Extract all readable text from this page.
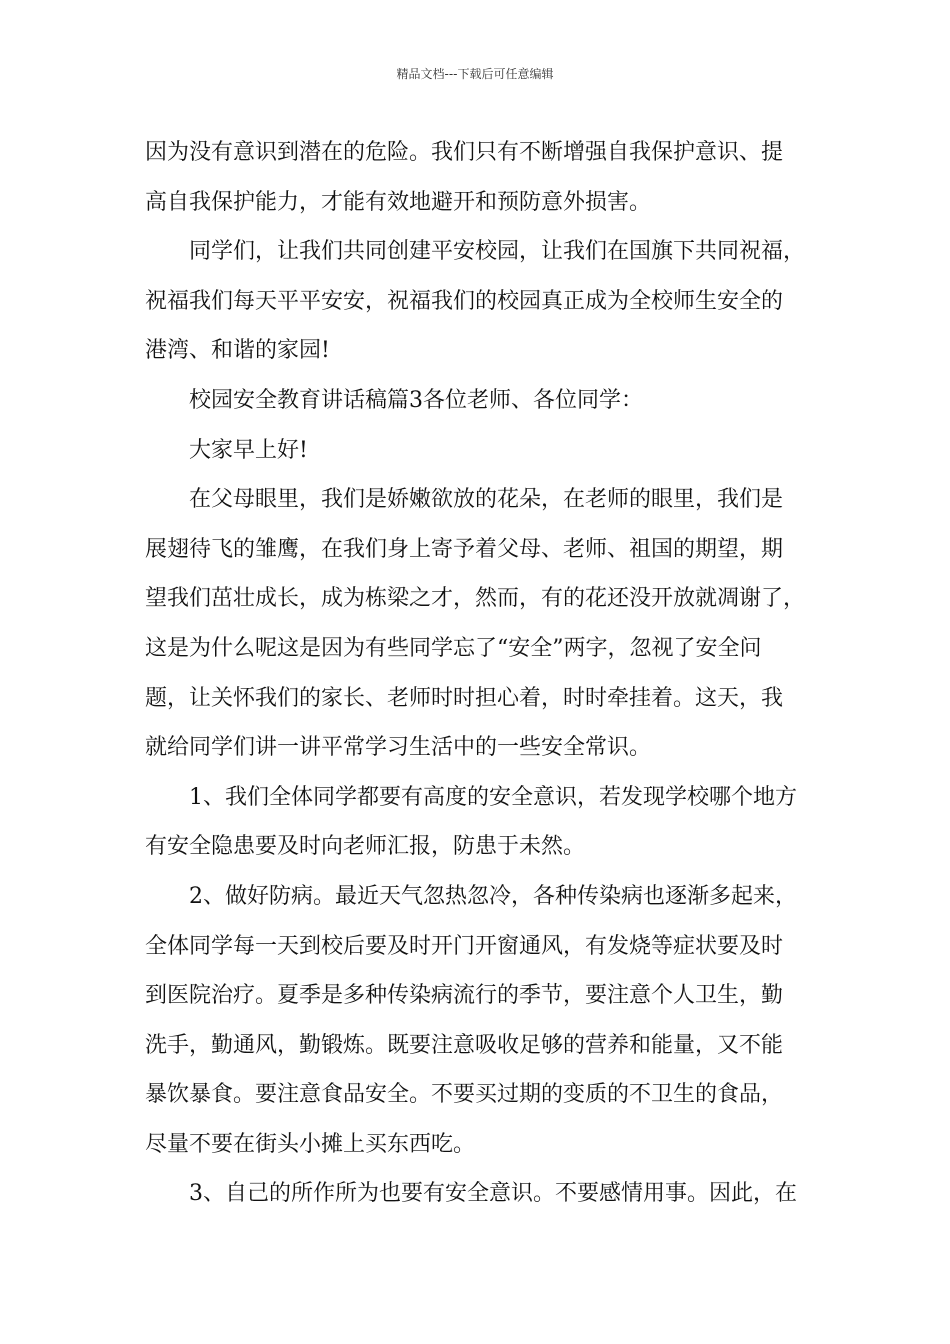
精品文档---下载后可任意编辑
因为没有意识到潜在的危险。我们只有不断增强自我保护意识、提
高自我保护能力，才能有效地避开和预防意外损害。
同学们，让我们共同创建平安校园，让我们在国旗下共同祝福，
祝福我们每天平平安安，祝福我们的校园真正成为全校师生安全的
港湾、和谐的家园!
校园安全教育讲话稿篇3各位老师、各位同学：
大家早上好!
在父母眼里，我们是娇嫩欲放的花朵，在老师的眼里，我们是
展翅待飞的雏鹰，在我们身上寄予着父母、老师、祖国的期望，期
望我们茁壮成长，成为栋梁之才，然而，有的花还没开放就凋谢了，
这是为什么呢这是因为有些同学忘了“安全”两字，忽视了安全问
题，让关怀我们的家长、老师时时担心着，时时牵挂着。这天，我
就给同学们讲一讲平常学习生活中的一些安全常识。
1、我们全体同学都要有高度的安全意识，若发现学校哪个地方
有安全隐患要及时向老师汇报，防患于未然。
2、做好防病。最近天气忽热忽冷，各种传染病也逐渐多起来，
全体同学每一天到校后要及时开门开窗通风，有发烧等症状要及时
到医院治疗。夏季是多种传染病流行的季节，要注意个人卫生，勤
洗手，勤通风，勤锻炼。既要注意吸收足够的营养和能量，又不能
暴饮暴食。要注意食品安全。不要买过期的变质的不卫生的食品，
尽量不要在街头小摊上买东西吃。
3、自己的所作所为也要有安全意识。不要感情用事。因此，在
